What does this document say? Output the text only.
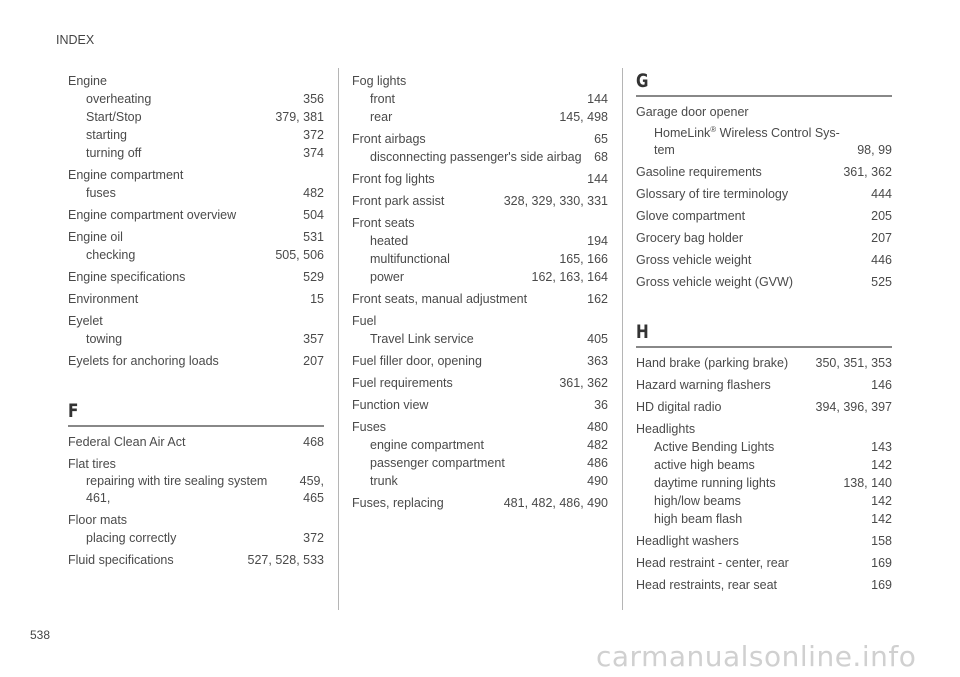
INDEX
Engine
overheating	356
Start/Stop	379, 381
starting	372
turning off	374
Engine compartment
fuses	482
Engine compartment overview	504
Engine oil	531
checking	505, 506
Engine specifications	529
Environment	15
Eyelet
towing	357
Eyelets for anchoring loads	207
F
Federal Clean Air Act	468
Flat tires
repairing with tire sealing system	459,
461,	465
Floor mats
placing correctly	372
Fluid specifications	527, 528, 533
Fog lights
front	144
rear	145, 498
Front airbags	65
disconnecting passenger's side airbag	68
Front fog lights	144
Front park assist	328, 329, 330, 331
Front seats
heated	194
multifunctional	165, 166
power	162, 163, 164
Front seats, manual adjustment	162
Fuel
Travel Link service	405
Fuel filler door, opening	363
Fuel requirements	361, 362
Function view	36
Fuses	480
engine compartment	482
passenger compartment	486
trunk	490
Fuses, replacing	481, 482, 486, 490
G
Garage door opener
HomeLink® Wireless Control Sys-
tem	98, 99
Gasoline requirements	361, 362
Glossary of tire terminology	444
Glove compartment	205
Grocery bag holder	207
Gross vehicle weight	446
Gross vehicle weight (GVW)	525
H
Hand brake (parking brake)	350, 351, 353
Hazard warning flashers	146
HD digital radio	394, 396, 397
Headlights
Active Bending Lights	143
active high beams	142
daytime running lights	138, 140
high/low beams	142
high beam flash	142
Headlight washers	158
Head restraint - center, rear	169
Head restraints, rear seat	169
538
carmanualsonline.info
